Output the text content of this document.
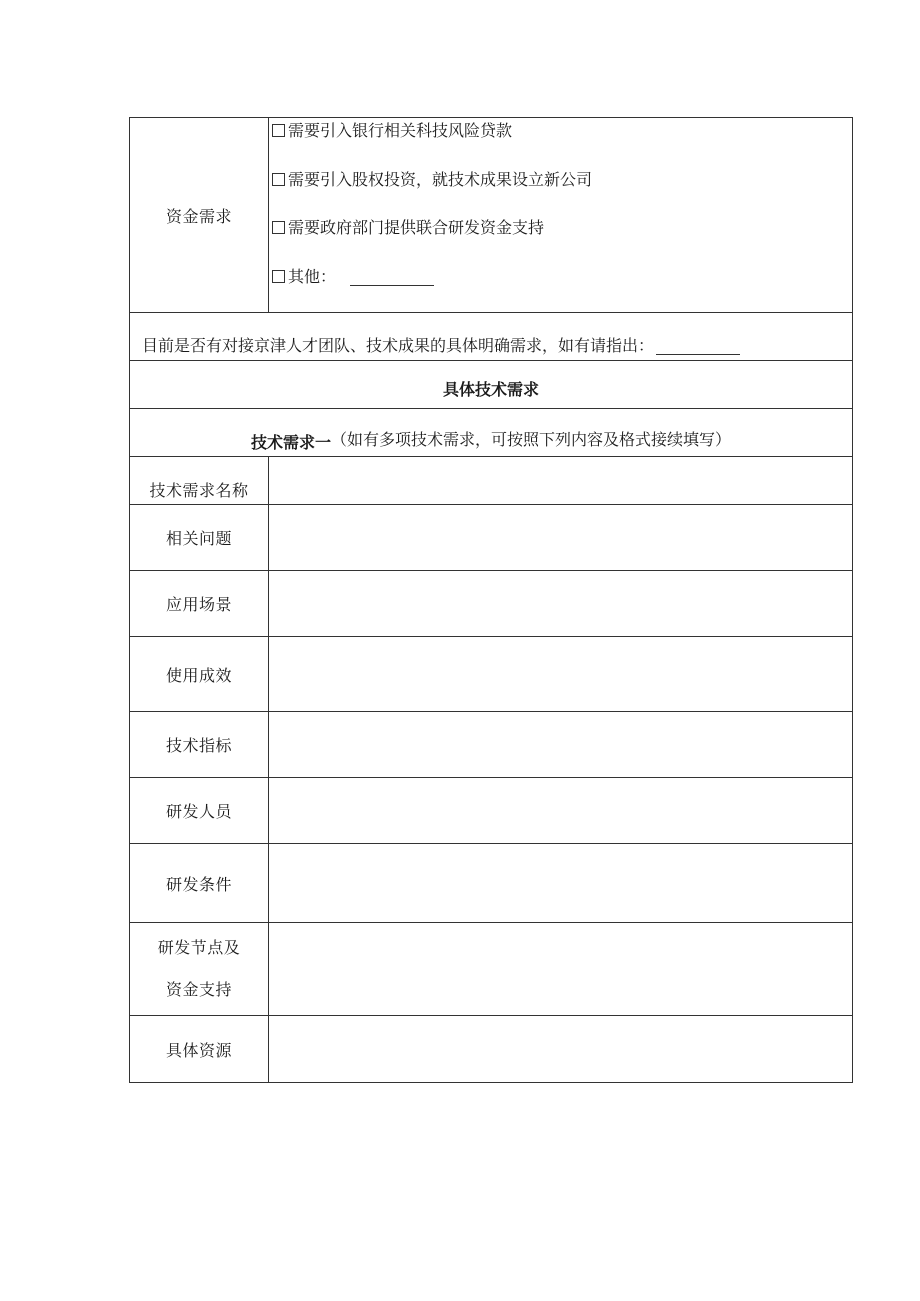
资金需求	需要引入银行相关科技风险贷款
需要引入股权投资，就技术成果设立新公司
需要政府部门提供联合研发资金支持
其他：

目前是否有对接京津人才团队、技术成果的具体明确需求，如有请指出：	
具体技术需求	
技术需求一（如有多项技术需求，可按照下列内容及格式接续填写）	
技术需求名称	
相关问题	
应用场景	
使用成效	
技术指标	
研发人员	
研发条件	

研发节点及
资金支持	

具体资源	
